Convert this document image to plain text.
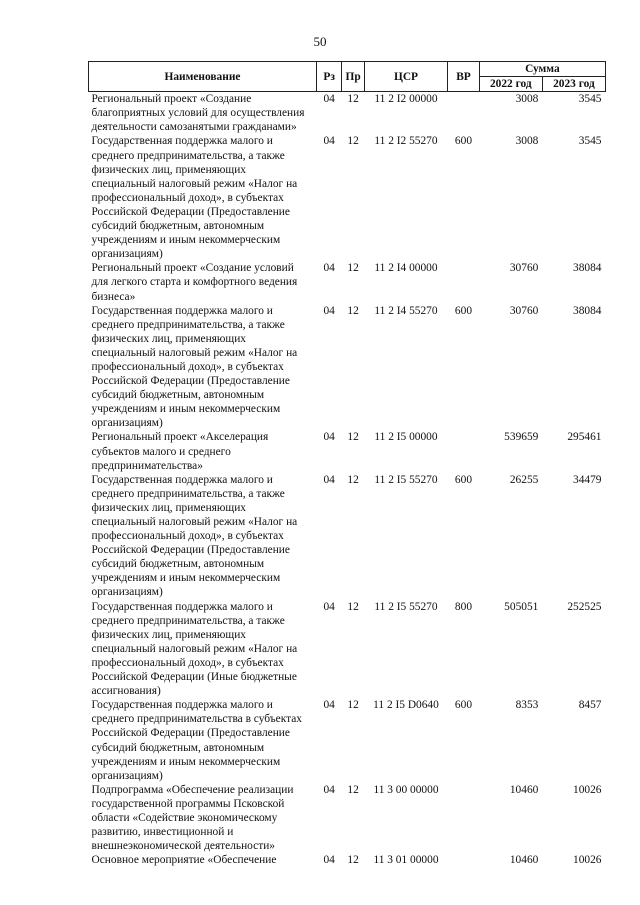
50
Наименование	Рз	Пр	ЦСР	ВР	Сумма	
					2022 год	2023 год
Региональный проект «Создание благоприятных условий для осуществления деятельности самозанятыми гражданами»	04	12	11 2 I2 00000		3008	3545
Государственная поддержка малого и среднего предпринимательства, а также физических лиц, применяющих специальный налоговый режим «Налог на профессиональный доход», в субъектах Российской Федерации (Предоставление субсидий бюджетным, автономным учреждениям и иным некоммерческим организациям)	04	12	11 2 I2 55270	600	3008	3545
Региональный проект «Создание условий для легкого старта и комфортного ведения бизнеса»	04	12	11 2 I4 00000		30760	38084
Государственная поддержка малого и среднего предпринимательства, а также физических лиц, применяющих специальный налоговый режим «Налог на профессиональный доход», в субъектах Российской Федерации (Предоставление субсидий бюджетным, автономным учреждениям и иным некоммерческим организациям)	04	12	11 2 I4 55270	600	30760	38084
Региональный проект «Акселерация субъектов малого и среднего предпринимательства»	04	12	11 2 I5 00000		539659	295461
Государственная поддержка малого и среднего предпринимательства, а также физических лиц, применяющих специальный налоговый режим «Налог на профессиональный доход», в субъектах Российской Федерации (Предоставление субсидий бюджетным, автономным учреждениям и иным некоммерческим организациям)	04	12	11 2 I5 55270	600	26255	34479
Государственная поддержка малого и среднего предпринимательства, а также физических лиц, применяющих специальный налоговый режим «Налог на профессиональный доход», в субъектах Российской Федерации (Иные бюджетные ассигнования)	04	12	11 2 I5 55270	800	505051	252525
Государственная поддержка малого и среднего предпринимательства в субъектах Российской Федерации (Предоставление субсидий бюджетным, автономным учреждениям и иным некоммерческим организациям)	04	12	11 2 I5 D0640	600	8353	8457
Подпрограмма «Обеспечение реализации государственной программы Псковской области «Содействие экономическому развитию, инвестиционной и внешнеэкономической деятельности»	04	12	11 3 00 00000		10460	10026
Основное мероприятие «Обеспечение	04	12	11 3 01 00000		10460	10026
